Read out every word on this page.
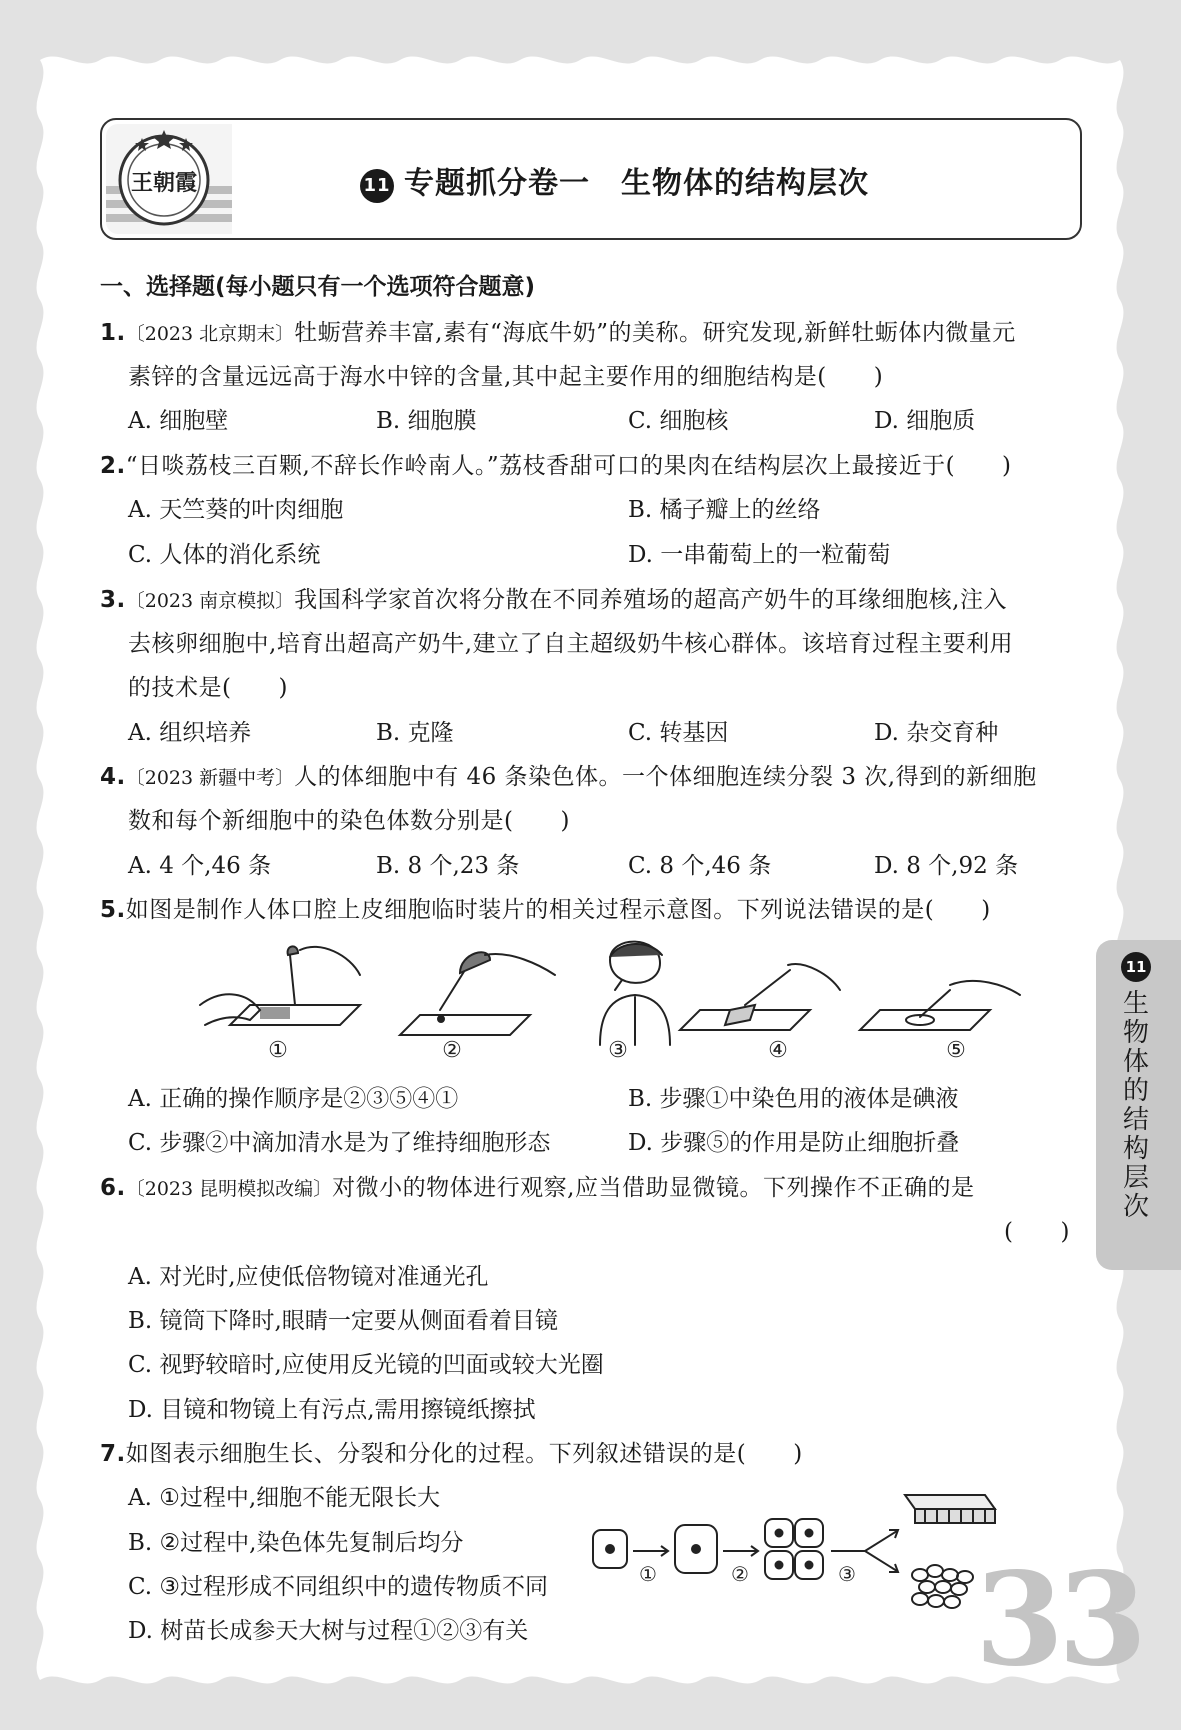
王朝霞	11 专题抓分卷一　生物体的结构层次
11
生物体的结构层次
33
一、选择题(每小题只有一个选项符合题意)
1.〔2023 北京期末〕牡蛎营养丰富,素有“海底牛奶”的美称。研究发现,新鲜牡蛎体内微量元
素锌的含量远远高于海水中锌的含量,其中起主要作用的细胞结构是(　　)
A. 细胞壁	B. 细胞膜	C. 细胞核	D. 细胞质
2.“日啖荔枝三百颗,不辞长作岭南人。”荔枝香甜可口的果肉在结构层次上最接近于(　　)
A. 天竺葵的叶肉细胞	B. 橘子瓣上的丝络
C. 人体的消化系统	D. 一串葡萄上的一粒葡萄
3.〔2023 南京模拟〕我国科学家首次将分散在不同养殖场的超高产奶牛的耳缘细胞核,注入
去核卵细胞中,培育出超高产奶牛,建立了自主超级奶牛核心群体。该培育过程主要利用
的技术是(　　)
A. 组织培养	B. 克隆	C. 转基因	D. 杂交育种
4.〔2023 新疆中考〕人的体细胞中有 46 条染色体。一个体细胞连续分裂 3 次,得到的新细胞
数和每个新细胞中的染色体数分别是(　　)
A. 4 个,46 条	B. 8 个,23 条	C. 8 个,46 条	D. 8 个,92 条
5.如图是制作人体口腔上皮细胞临时装片的相关过程示意图。下列说法错误的是(　　)
①	②	③	④	⑤
A. 正确的操作顺序是②③⑤④①	B. 步骤①中染色用的液体是碘液
C. 步骤②中滴加清水是为了维持细胞形态	D. 步骤⑤的作用是防止细胞折叠
6.〔2023 昆明模拟改编〕对微小的物体进行观察,应当借助显微镜。下列操作不正确的是
(　　)
A. 对光时,应使低倍物镜对准通光孔
B. 镜筒下降时,眼睛一定要从侧面看着目镜
C. 视野较暗时,应使用反光镜的凹面或较大光圈
D. 目镜和物镜上有污点,需用擦镜纸擦拭
7.如图表示细胞生长、分裂和分化的过程。下列叙述错误的是(　　)
A. ①过程中,细胞不能无限长大
B. ②过程中,染色体先复制后均分
C. ③过程形成不同组织中的遗传物质不同
D. 树苗长成参天大树与过程①②③有关
①	②	③
